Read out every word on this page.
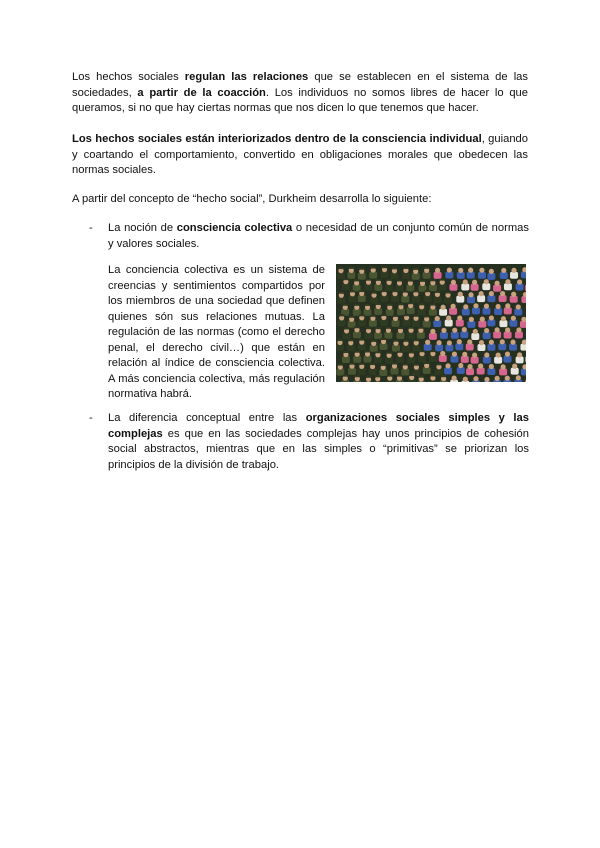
Los hechos sociales regulan las relaciones que se establecen en el sistema de las sociedades, a partir de la coacción. Los individuos no somos libres de hacer lo que queramos, si no que hay ciertas normas que nos dicen lo que tenemos que hacer.

Los hechos sociales están interiorizados dentro de la consciencia individual, guiando y coartando el comportamiento, convertido en obligaciones morales que obedecen las normas sociales.

A partir del concepto de “hecho social”, Durkheim desarrolla lo siguiente:

- La noción de consciencia colectiva o necesidad de un conjunto común de normas y valores sociales.

La conciencia colectiva es un sistema de creencias y sentimientos compartidos por los miembros de una sociedad que definen quienes són sus relaciones mutuas. La regulación de las normas (como el derecho penal, el derecho civil…) que están en relación al índice de consciencia colectiva. A más conciencia colectiva, más regulación normativa habrá.

- La diferencia conceptual entre las organizaciones sociales simples y las complejas es que en las sociedades complejas hay unos principios de cohesión social abstractos, mientras que en las simples o “primitivas” se priorizan los principios de la división de trabajo.
